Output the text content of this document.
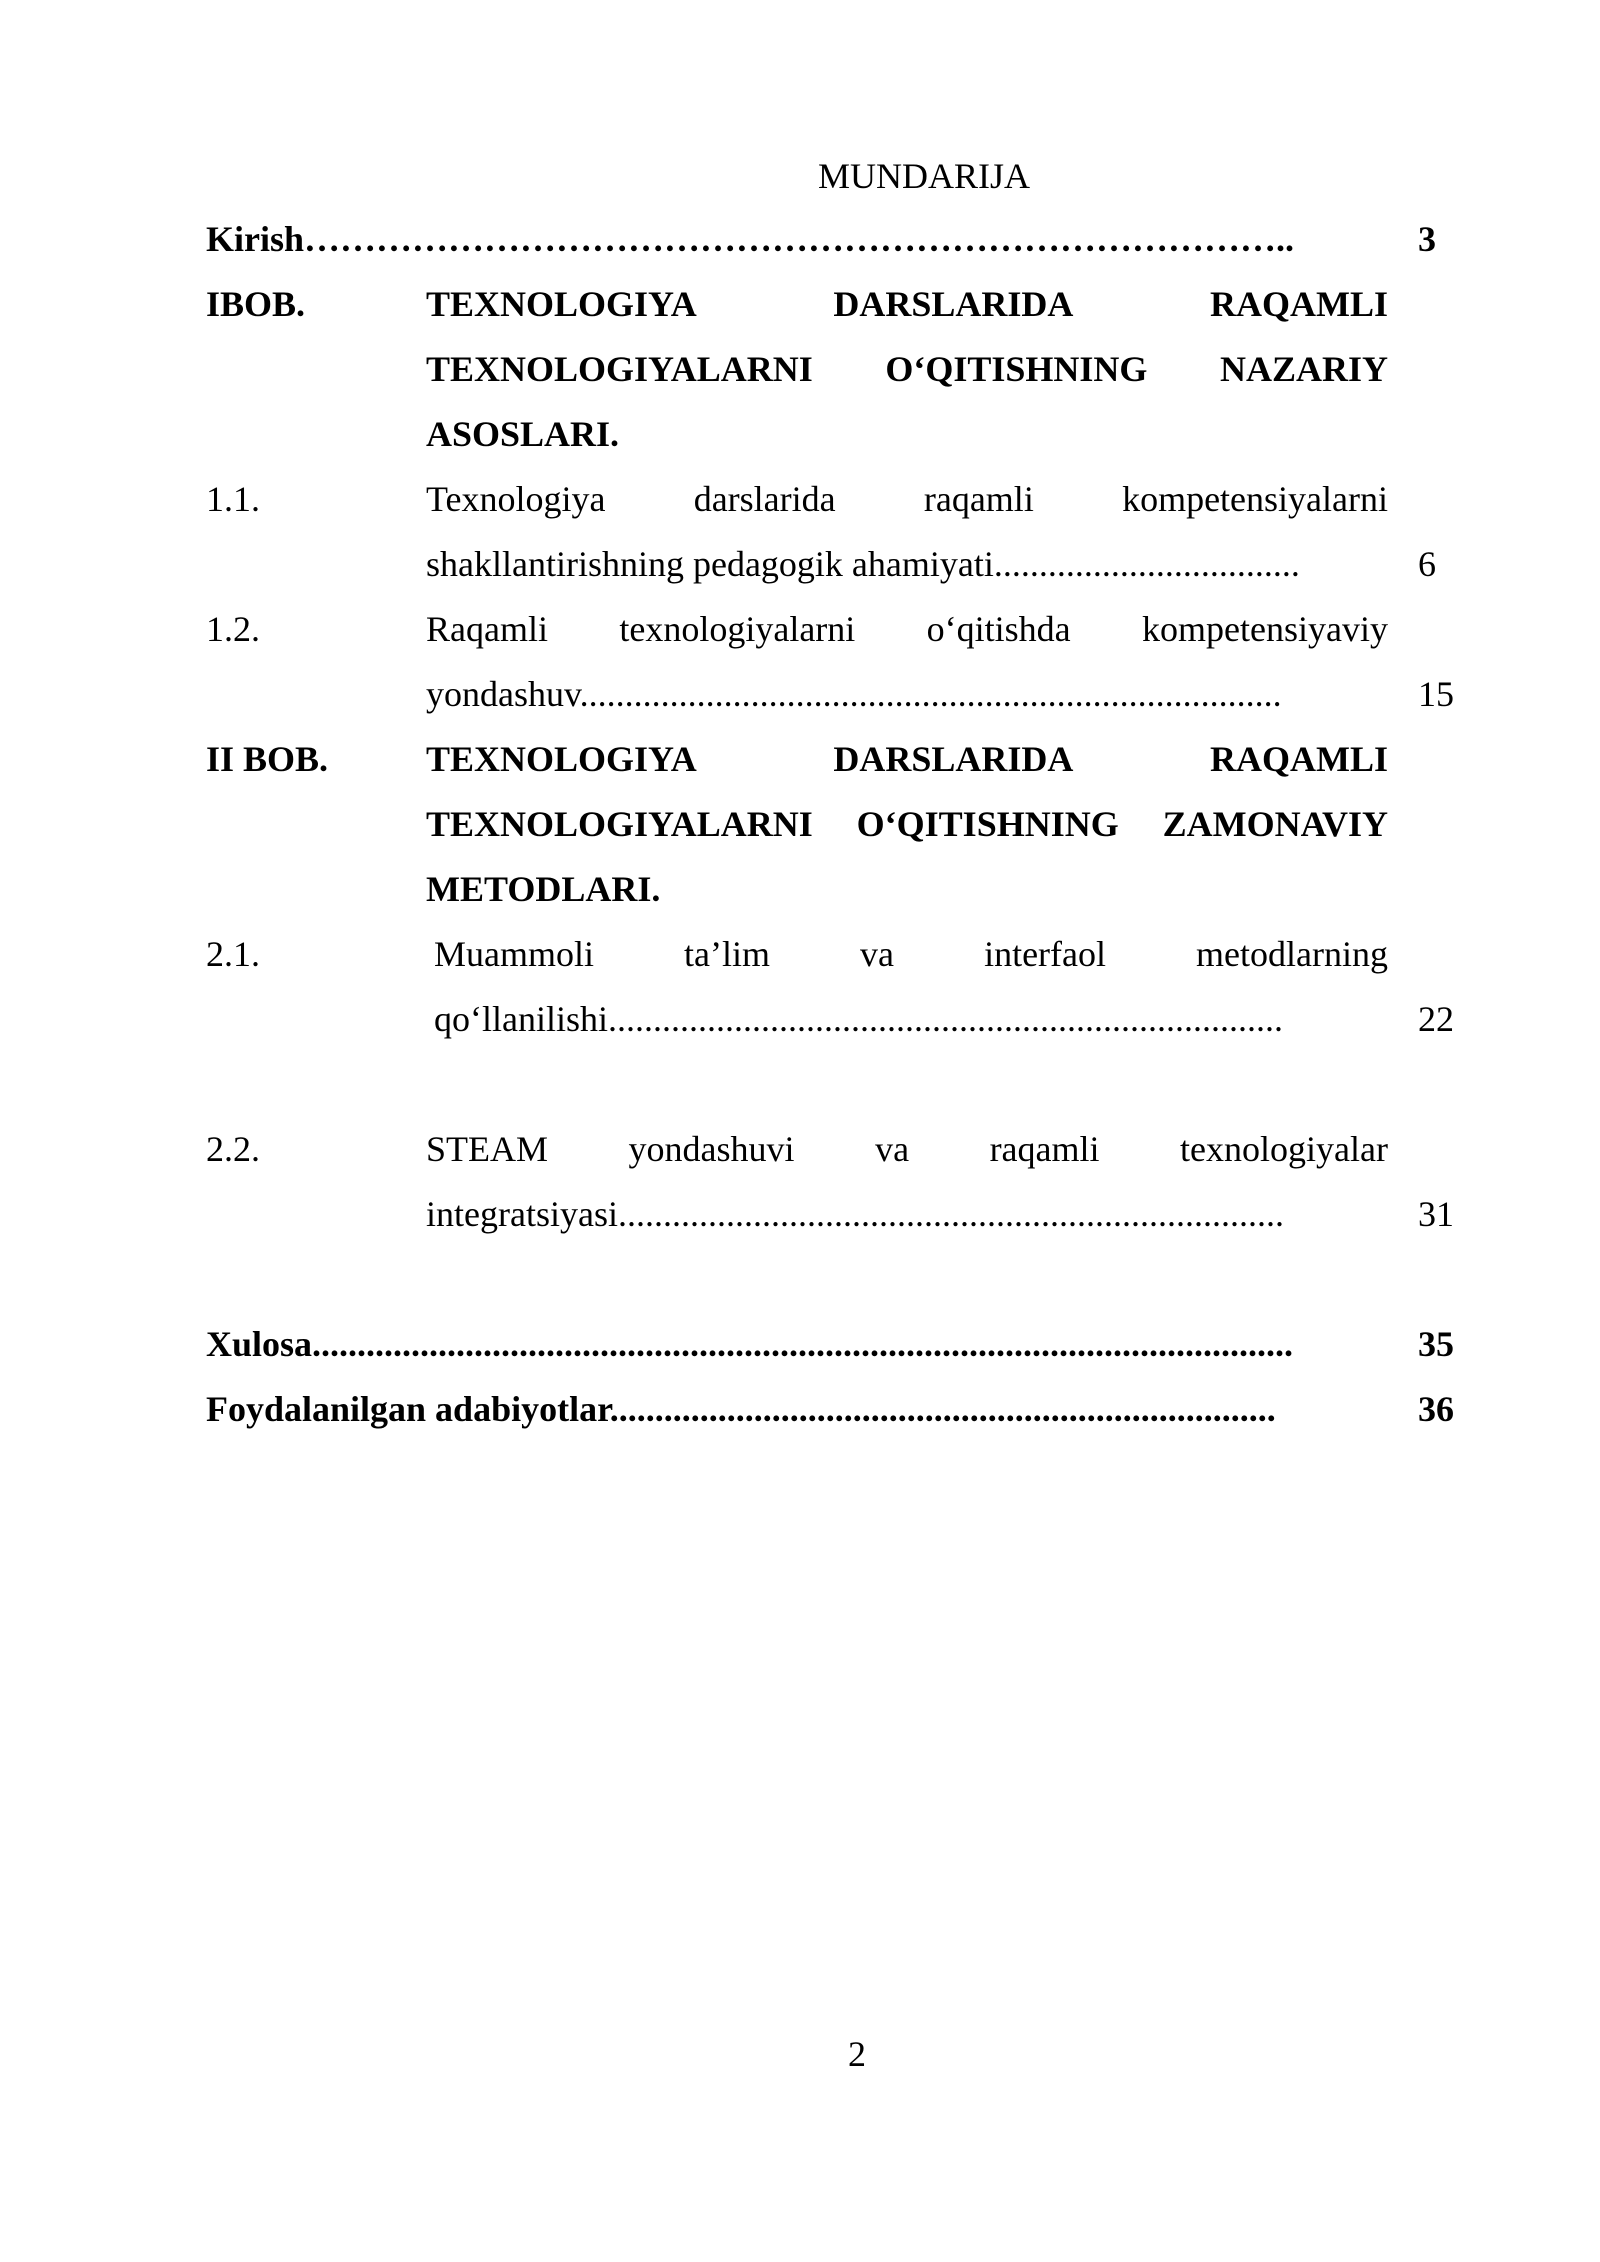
MUNDARIJA
Kirish………………………………………………………………………..	3
IBOB.	TEXNOLOGIYA DARSLARIDA RAQAMLI
TEXNOLOGIYALARNI O‘QITISHNING NAZARIY
ASOSLARI.
1.1.	Texnologiya darslarida raqamli kompetensiyalarni
shakllantirishning pedagogik ahamiyati..................................	6
1.2.	Raqamli texnologiyalarni o‘qitishda kompetensiyaviy
yondashuv..............................................................................	15
II BOB.	TEXNOLOGIYA DARSLARIDA RAQAMLI
TEXNOLOGIYALARNI O‘QITISHNING ZAMONAVIY
METODLARI.
2.1.	Muammoli ta’lim va interfaol metodlarning
qo‘llanilishi...........................................................................	22
2.2.	STEAM yondashuvi va raqamli texnologiyalar
integratsiyasi..........................................................................	31
Xulosa.............................................................................................................	35
Foydalanilgan adabiyotlar..........................................................................	36
2
